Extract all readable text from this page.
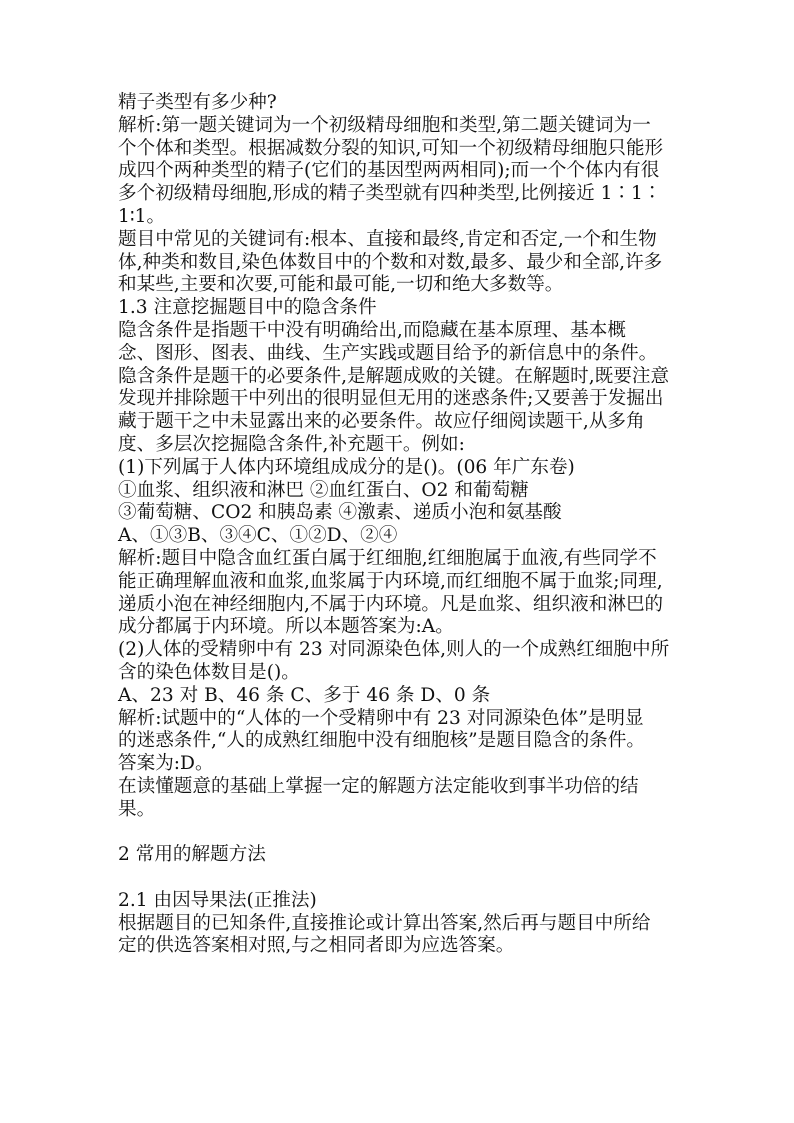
精子类型有多少种?
解析:第一题关键词为一个初级精母细胞和类型,第二题关键词为一
个个体和类型。根据减数分裂的知识,可知一个初级精母细胞只能形
成四个两种类型的精子(它们的基因型两两相同);而一个个体内有很
多个初级精母细胞,形成的精子类型就有四种类型,比例接近 1∶1∶
1∶1。
题目中常见的关键词有:根本、直接和最终,肯定和否定,一个和生物
体,种类和数目,染色体数目中的个数和对数,最多、最少和全部,许多
和某些,主要和次要,可能和最可能,一切和绝大多数等。
1.3 注意挖掘题目中的隐含条件
隐含条件是指题干中没有明确给出,而隐藏在基本原理、基本概
念、图形、图表、曲线、生产实践或题目给予的新信息中的条件。
隐含条件是题干的必要条件,是解题成败的关键。在解题时,既要注意
发现并排除题干中列出的很明显但无用的迷惑条件;又要善于发掘出
藏于题干之中未显露出来的必要条件。故应仔细阅读题干,从多角
度、多层次挖掘隐含条件,补充题干。例如:
(1)下列属于人体内环境组成成分的是()。(06 年广东卷)
①血浆、组织液和淋巴 ②血红蛋白、O2 和葡萄糖
③葡萄糖、CO2 和胰岛素 ④激素、递质小泡和氨基酸
A、①③B、③④C、①②D、②④
解析:题目中隐含血红蛋白属于红细胞,红细胞属于血液,有些同学不
能正确理解血液和血浆,血浆属于内环境,而红细胞不属于血浆;同理,
递质小泡在神经细胞内,不属于内环境。凡是血浆、组织液和淋巴的
成分都属于内环境。所以本题答案为:A。
(2)人体的受精卵中有 23 对同源染色体,则人的一个成熟红细胞中所
含的染色体数目是()。
A、23 对 B、46 条 C、多于 46 条 D、0 条
解析:试题中的“人体的一个受精卵中有 23 对同源染色体”是明显
的迷惑条件,“人的成熟红细胞中没有细胞核”是题目隐含的条件。
答案为:D。
在读懂题意的基础上掌握一定的解题方法定能收到事半功倍的结
果。
2 常用的解题方法
2.1 由因导果法(正推法)
根据题目的已知条件,直接推论或计算出答案,然后再与题目中所给
定的供选答案相对照,与之相同者即为应选答案。
